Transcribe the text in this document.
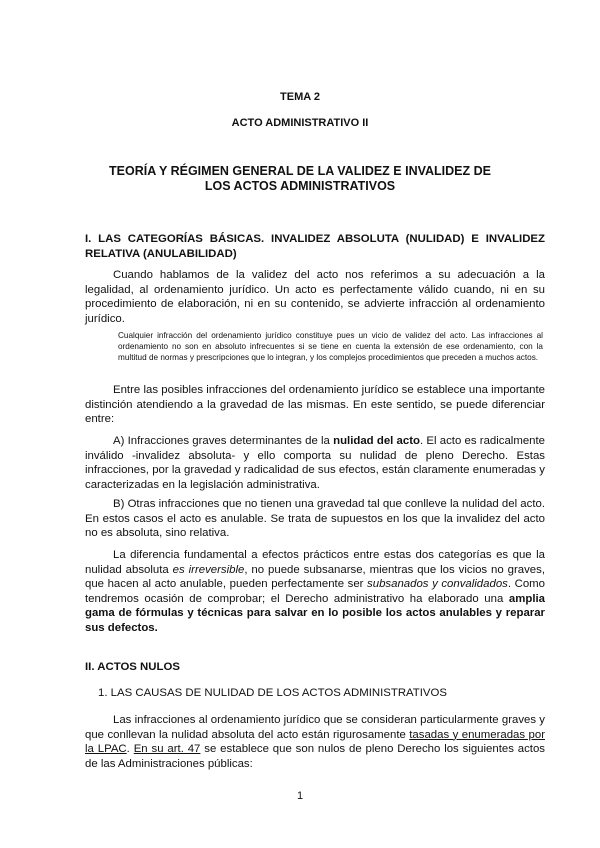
TEMA 2
ACTO ADMINISTRATIVO II
TEORÍA Y RÉGIMEN GENERAL DE LA VALIDEZ E INVALIDEZ DE LOS ACTOS ADMINISTRATIVOS
I. LAS CATEGORÍAS BÁSICAS. INVALIDEZ ABSOLUTA (NULIDAD) E INVALIDEZ RELATIVA (ANULABILIDAD)
Cuando hablamos de la validez del acto nos referimos a su adecuación a la legalidad, al ordenamiento jurídico. Un acto es perfectamente válido cuando, ni en su procedimiento de elaboración, ni en su contenido, se advierte infracción al ordenamiento jurídico.
Cualquier infracción del ordenamiento jurídico constituye pues un vicio de validez del acto. Las infracciones al ordenamiento no son en absoluto infrecuentes si se tiene en cuenta la extensión de ese ordenamiento, con la multitud de normas y prescripciones que lo integran, y los complejos procedimientos que preceden a muchos actos.
Entre las posibles infracciones del ordenamiento jurídico se establece una importante distinción atendiendo a la gravedad de las mismas. En este sentido, se puede diferenciar entre:
A) Infracciones graves determinantes de la nulidad del acto. El acto es radicalmente inválido -invalidez absoluta- y ello comporta su nulidad de pleno Derecho. Estas infracciones, por la gravedad y radicalidad de sus efectos, están claramente enumeradas y caracterizadas en la legislación administrativa.
B) Otras infracciones que no tienen una gravedad tal que conlleve la nulidad del acto. En estos casos el acto es anulable. Se trata de supuestos en los que la invalidez del acto no es absoluta, sino relativa.
La diferencia fundamental a efectos prácticos entre estas dos categorías es que la nulidad absoluta es irreversible, no puede subsanarse, mientras que los vicios no graves, que hacen al acto anulable, pueden perfectamente ser subsanados y convalidados. Como tendremos ocasión de comprobar; el Derecho administrativo ha elaborado una amplia gama de fórmulas y técnicas para salvar en lo posible los actos anulables y reparar sus defectos.
II. ACTOS NULOS
1. LAS CAUSAS DE NULIDAD DE LOS ACTOS ADMINISTRATIVOS
Las infracciones al ordenamiento jurídico que se consideran particularmente graves y que conllevan la nulidad absoluta del acto están rigurosamente tasadas y enumeradas por la LPAC. En su art. 47 se establece que son nulos de pleno Derecho los siguientes actos de las Administraciones públicas:
1
